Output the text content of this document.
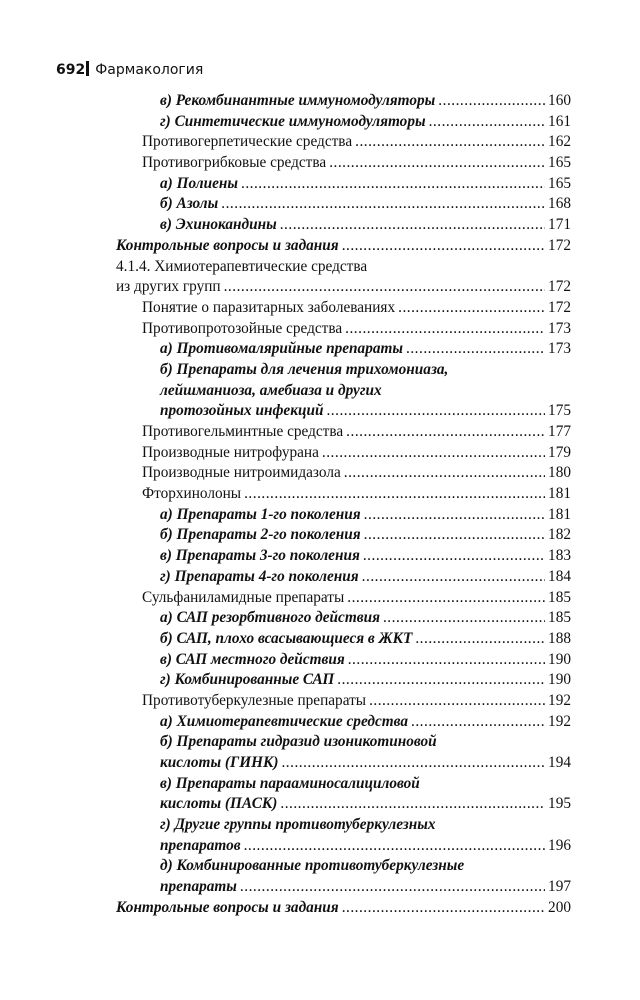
692 Фармакология
в) Рекомбинантные иммуномодуляторы .....	160
г) Синтетические иммуномодуляторы .....	161
Противогерпетические средства .....	162
Противогрибковые средства .....	165
а) Полиены .....	165
б) Азолы .....	168
в) Эхинокандины .....	171
Контрольные вопросы и задания .....	172
4.1.4. Химиотерапевтические средства
из других групп .....	172
Понятие о паразитарных заболеваниях .....	172
Противопротозойные средства .....	173
а) Противомалярийные препараты .....	173
б) Препараты для лечения трихомониаза,
лейшманиоза, амебиаза и других
протозойных инфекций .....	175
Противогельминтные средства .....	177
Производные нитрофурана .....	179
Производные нитроимидазола .....	180
Фторхинолоны .....	181
а) Препараты 1-го поколения .....	181
б) Препараты 2-го поколения .....	182
в) Препараты 3-го поколения .....	183
г) Препараты 4-го поколения .....	184
Сульфаниламидные препараты .....	185
а) САП резорбтивного действия .....	185
б) САП, плохо всасывающиеся в ЖКТ .....	188
в) САП местного действия .....	190
г) Комбинированные САП .....	190
Противотуберкулезные препараты .....	192
а) Химиотерапевтические средства .....	192
б) Препараты гидразид изоникотиновой
кислоты (ГИНК) .....	194
в) Препараты парааминосалициловой
кислоты (ПАСК) .....	195
г) Другие группы противотуберкулезных
препаратов .....	196
д) Комбинированные противотуберкулезные
препараты .....	197
Контрольные вопросы и задания .....	200
